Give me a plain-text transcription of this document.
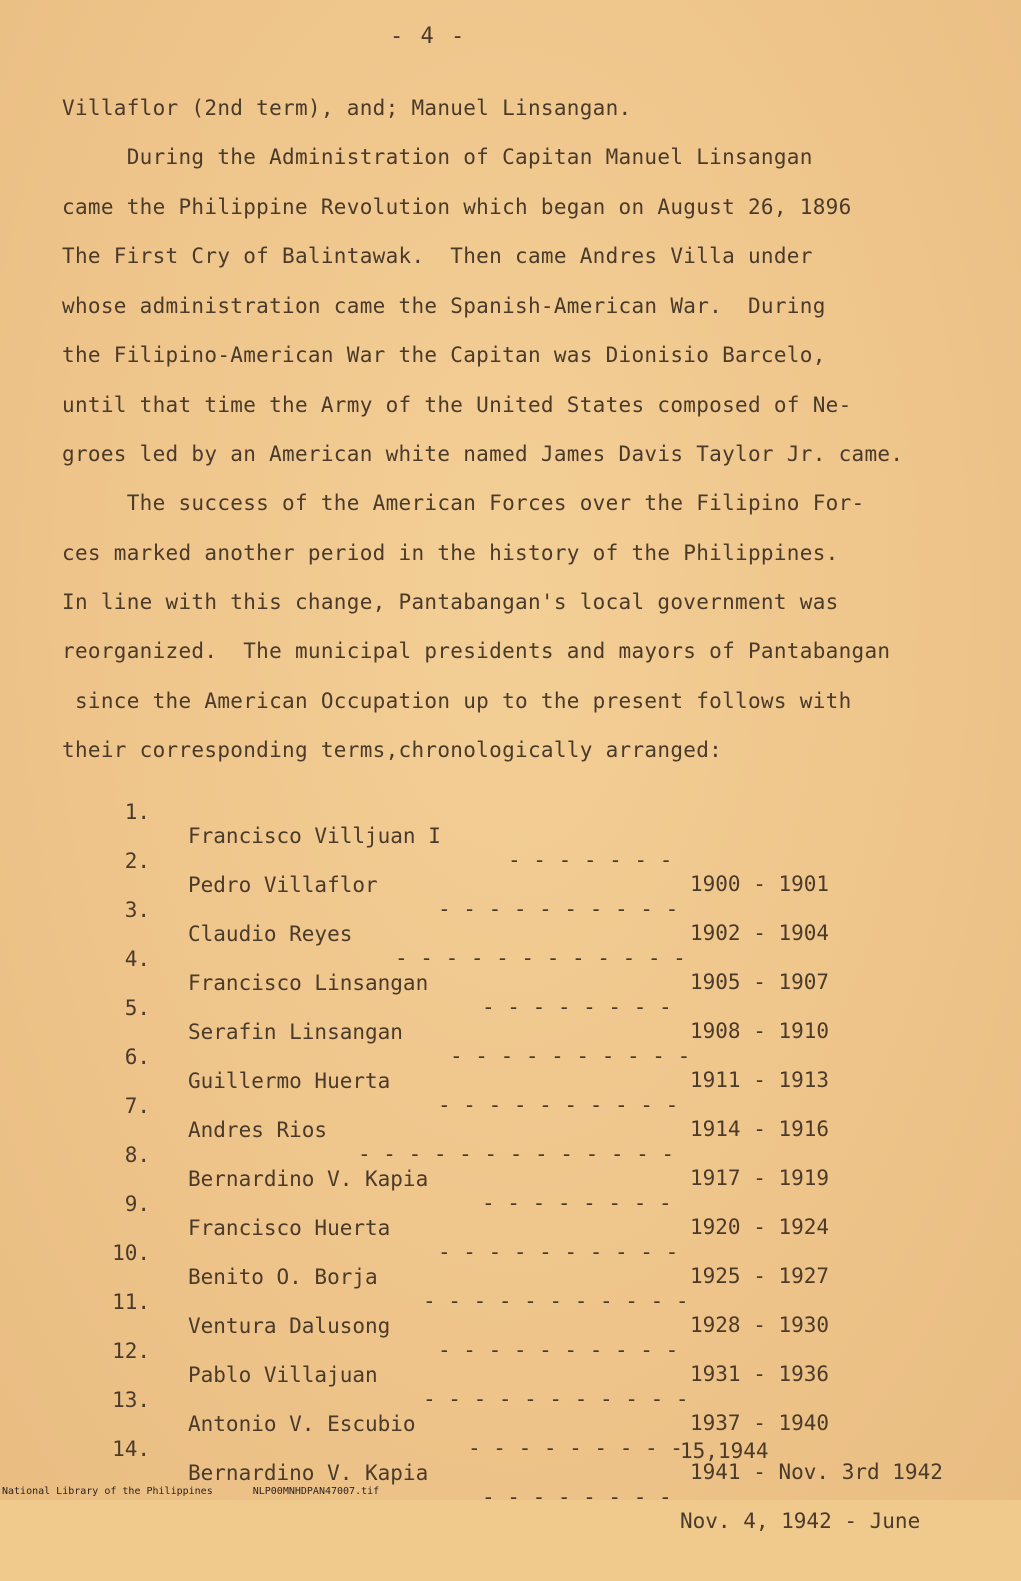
- 4 -
Villaflor (2nd term), and; Manuel Linsangan.
During the Administration of Capitan Manuel Linsangan
came the Philippine Revolution which began on August 26, 1896
The First Cry of Balintawak.  Then came Andres Villa under
whose administration came the Spanish-American War.  During
the Filipino-American War the Capitan was Dionisio Barcelo,
until that time the Army of the United States composed of Ne-
groes led by an American white named James Davis Taylor Jr. came.
The success of the American Forces over the Filipino For-
ces marked another period in the history of the Philippines.
In line with this change, Pantabangan's local government was
reorganized.  The municipal presidents and mayors of Pantabangan
since the American Occupation up to the present follows with
their corresponding terms,chronologically arranged:

1.

Francisco Villjuan I

- - - - - - -

1900 - 1901

2.

Pedro Villaflor

- - - - - - - - - -

1902 - 1904

3.

Claudio Reyes

- - - - - - - - - - - -

1905 - 1907

4.

Francisco Linsangan

- - - - - - - -

1908 - 1910

5.

Serafin Linsangan

- - - - - - - - - -

1911 - 1913

6.

Guillermo Huerta

- - - - - - - - - -

1914 - 1916

7.

Andres Rios

- - - - - - - - - - - - -

1917 - 1919

8.

Bernardino V. Kapia

- - - - - - - -

1920 - 1924

9.

Francisco Huerta

- - - - - - - - - -

1925 - 1927

10.

Benito O. Borja

- - - - - - - - - - -

1928 - 1930

11.

Ventura Dalusong

- - - - - - - - - -

1931 - 1936

12.

Pablo Villajuan

- - - - - - - - - - -

1937 - 1940

13.

Antonio V. Escubio

- - - - - - - - -

1941 - Nov. 3rd 1942

14.

Bernardino V. Kapia

- - - - - - - -

Nov. 4, 1942 - June

15,1944

National Library of the Philippines	NLP00MNHDPAN47007.tif
